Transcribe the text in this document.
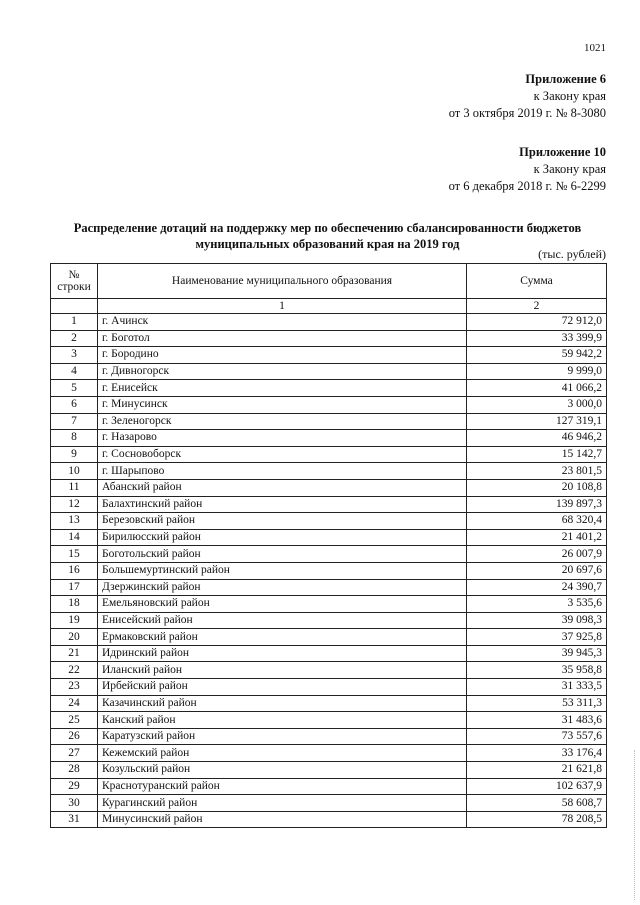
1021
Приложение 6
к Закону края
от 3 октября 2019 г. № 8-3080
Приложение 10
к Закону края
от 6 декабря 2018 г. № 6-2299
Распределение дотаций на поддержку мер по обеспечению сбалансированности бюджетов
муниципальных образований края на 2019 год
(тыс. рублей)
№ строки	Наименование муниципального образования	Сумма
	1	2
1	г. Ачинск	72 912,0
2	г. Боготол	33 399,9
3	г. Бородино	59 942,2
4	г. Дивногорск	9 999,0
5	г. Енисейск	41 066,2
6	г. Минусинск	3 000,0
7	г. Зеленогорск	127 319,1
8	г. Назарово	46 946,2
9	г. Сосновоборск	15 142,7
10	г. Шарыпово	23 801,5
11	Абанский район	20 108,8
12	Балахтинский район	139 897,3
13	Березовский район	68 320,4
14	Бирилюсский район	21 401,2
15	Боготольский район	26 007,9
16	Большемуртинский район	20 697,6
17	Дзержинский район	24 390,7
18	Емельяновский район	3 535,6
19	Енисейский район	39 098,3
20	Ермаковский район	37 925,8
21	Идринский район	39 945,3
22	Иланский район	35 958,8
23	Ирбейский район	31 333,5
24	Казачинский район	53 311,3
25	Канский район	31 483,6
26	Каратузский район	73 557,6
27	Кежемский район	33 176,4
28	Козульский район	21 621,8
29	Краснотуранский район	102 637,9
30	Курагинский район	58 608,7
31	Минусинский район	78 208,5
